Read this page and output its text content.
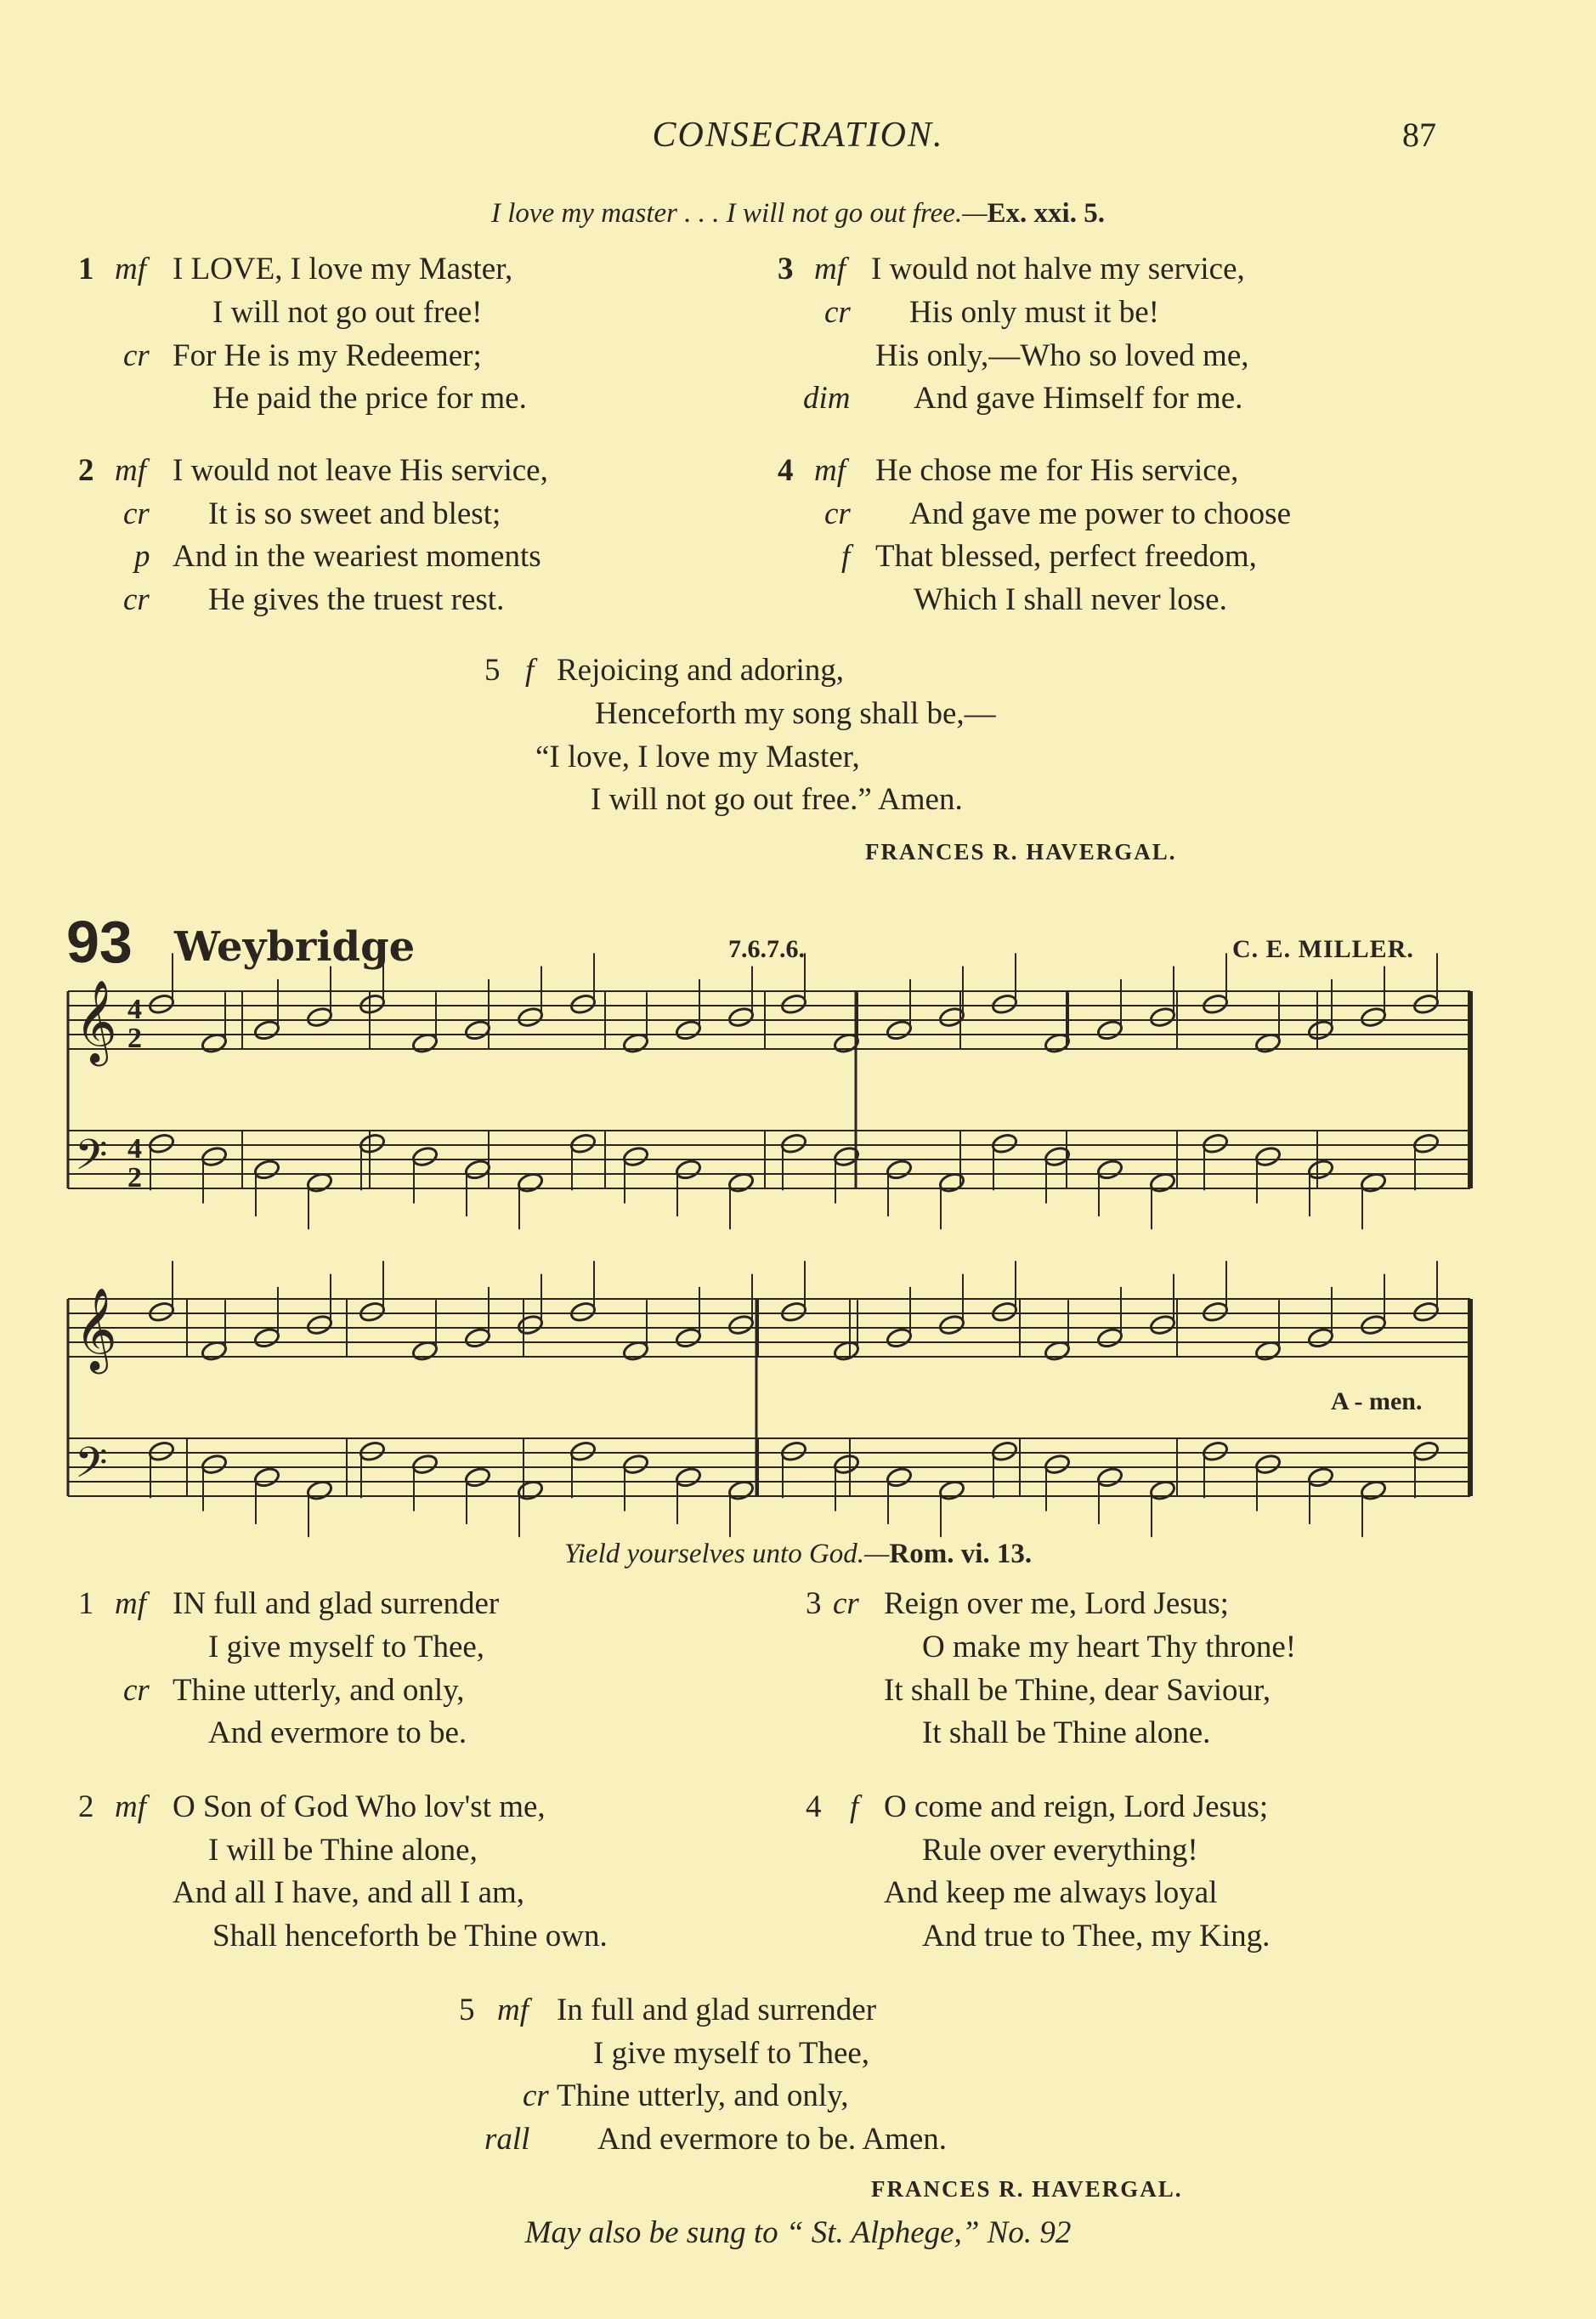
CONSECRATION.	87
I love my master . . . I will not go out free.—Ex. xxi. 5.
1 mf I LOVE, I love my Master,
I will not go out free!
cr For He is my Redeemer;
He paid the price for me.
3 mf I would not halve my service,
cr His only must it be!
His only,—Who so loved me,
dim And gave Himself for me.
2 mf I would not leave His service,
cr It is so sweet and blest;
p And in the weariest moments
cr He gives the truest rest.
4 mf He chose me for His service,
cr And gave me power to choose
f That blessed, perfect freedom,
Which I shall never lose.
5 f Rejoicing and adoring,
Henceforth my song shall be,—
“I love, I love my Master,
I will not go out free.” Amen.
FRANCES R. HAVERGAL.
93 Weybridge	7.6.7.6.	C. E. MILLER.
𝄞
𝄢
𝄞
𝄢
4
2
4
2
A - men.
Yield yourselves unto God.—Rom. vi. 13.
1 mf IN full and glad surrender
I give myself to Thee,
cr Thine utterly, and only,
And evermore to be.
3 cr Reign over me, Lord Jesus;
O make my heart Thy throne!
It shall be Thine, dear Saviour,
It shall be Thine alone.
2 mf O Son of God Who lov'st me,
I will be Thine alone,
And all I have, and all I am,
Shall henceforth be Thine own.
4 f O come and reign, Lord Jesus;
Rule over everything!
And keep me always loyal
And true to Thee, my King.
5 mf In full and glad surrender
I give myself to Thee,
cr Thine utterly, and only,
rall And evermore to be. Amen.
FRANCES R. HAVERGAL.
May also be sung to “ St. Alphege,” No. 92
